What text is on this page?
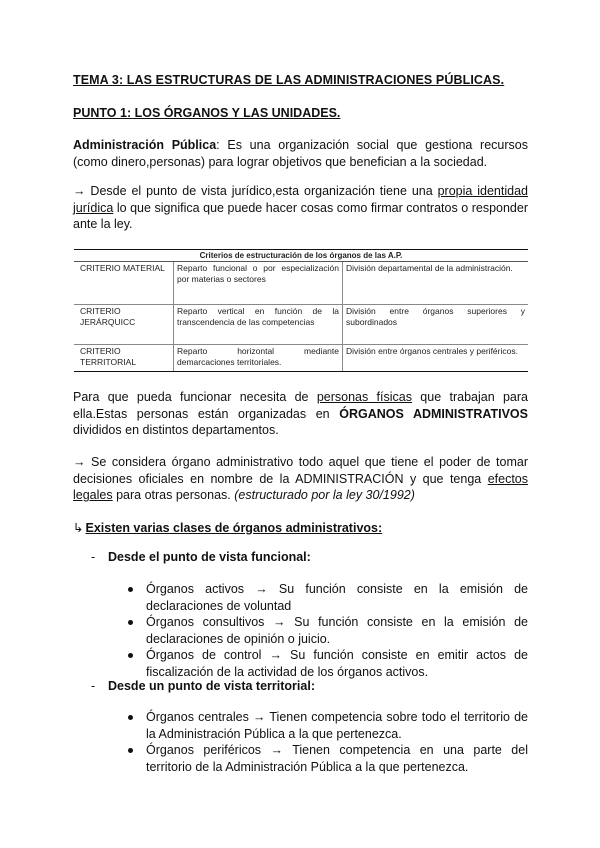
TEMA 3: LAS ESTRUCTURAS DE LAS ADMINISTRACIONES PÚBLICAS.
PUNTO 1: LOS ÓRGANOS Y LAS UNIDADES.
Administración Pública: Es una organización social que gestiona recursos (como dinero,personas) para lograr objetivos que benefician a la sociedad.
→ Desde el punto de vista jurídico,esta organización tiene una propia identidad jurídica lo que significa que puede hacer cosas como firmar contratos o responder ante la ley.
Criterios de estructuración de los órganos de las A.P.		
CRITERIO MATERIAL	Reparto funcional o por especialización por materias o sectores	División departamental de la administración.
CRITERIO JERÁRQUICC	Reparto vertical en función de la transcendencia de las competencias	División entre órganos superiores y subordinados
CRITERIO TERRITORIAL	Reparto horizontal mediante demarcaciones territoriales.	División entre órganos centrales y periféricos.
Para que pueda funcionar necesita de personas físicas que trabajan para ella.Estas personas están organizadas en ÓRGANOS ADMINISTRATIVOS divididos en distintos departamentos.
→ Se considera órgano administrativo todo aquel que tiene el poder de tomar decisiones oficiales en nombre de la ADMINISTRACIÓN y que tenga efectos legales para otras personas. (estructurado por la ley 30/1992)
↳ Existen varias clases de órganos administrativos:
- Desde el punto de vista funcional:
Órganos activos → Su función consiste en la emisión de declaraciones de voluntad
Órganos consultivos → Su función consiste en la emisión de declaraciones de opinión o juicio.
Órganos de control → Su función consiste en emitir actos de fiscalización de la actividad de los órganos activos.
- Desde un punto de vista territorial:
Órganos centrales → Tienen competencia sobre todo el territorio de la Administración Pública a la que pertenezca.
Órganos periféricos → Tienen competencia en una parte del territorio de la Administración Pública a la que pertenezca.
